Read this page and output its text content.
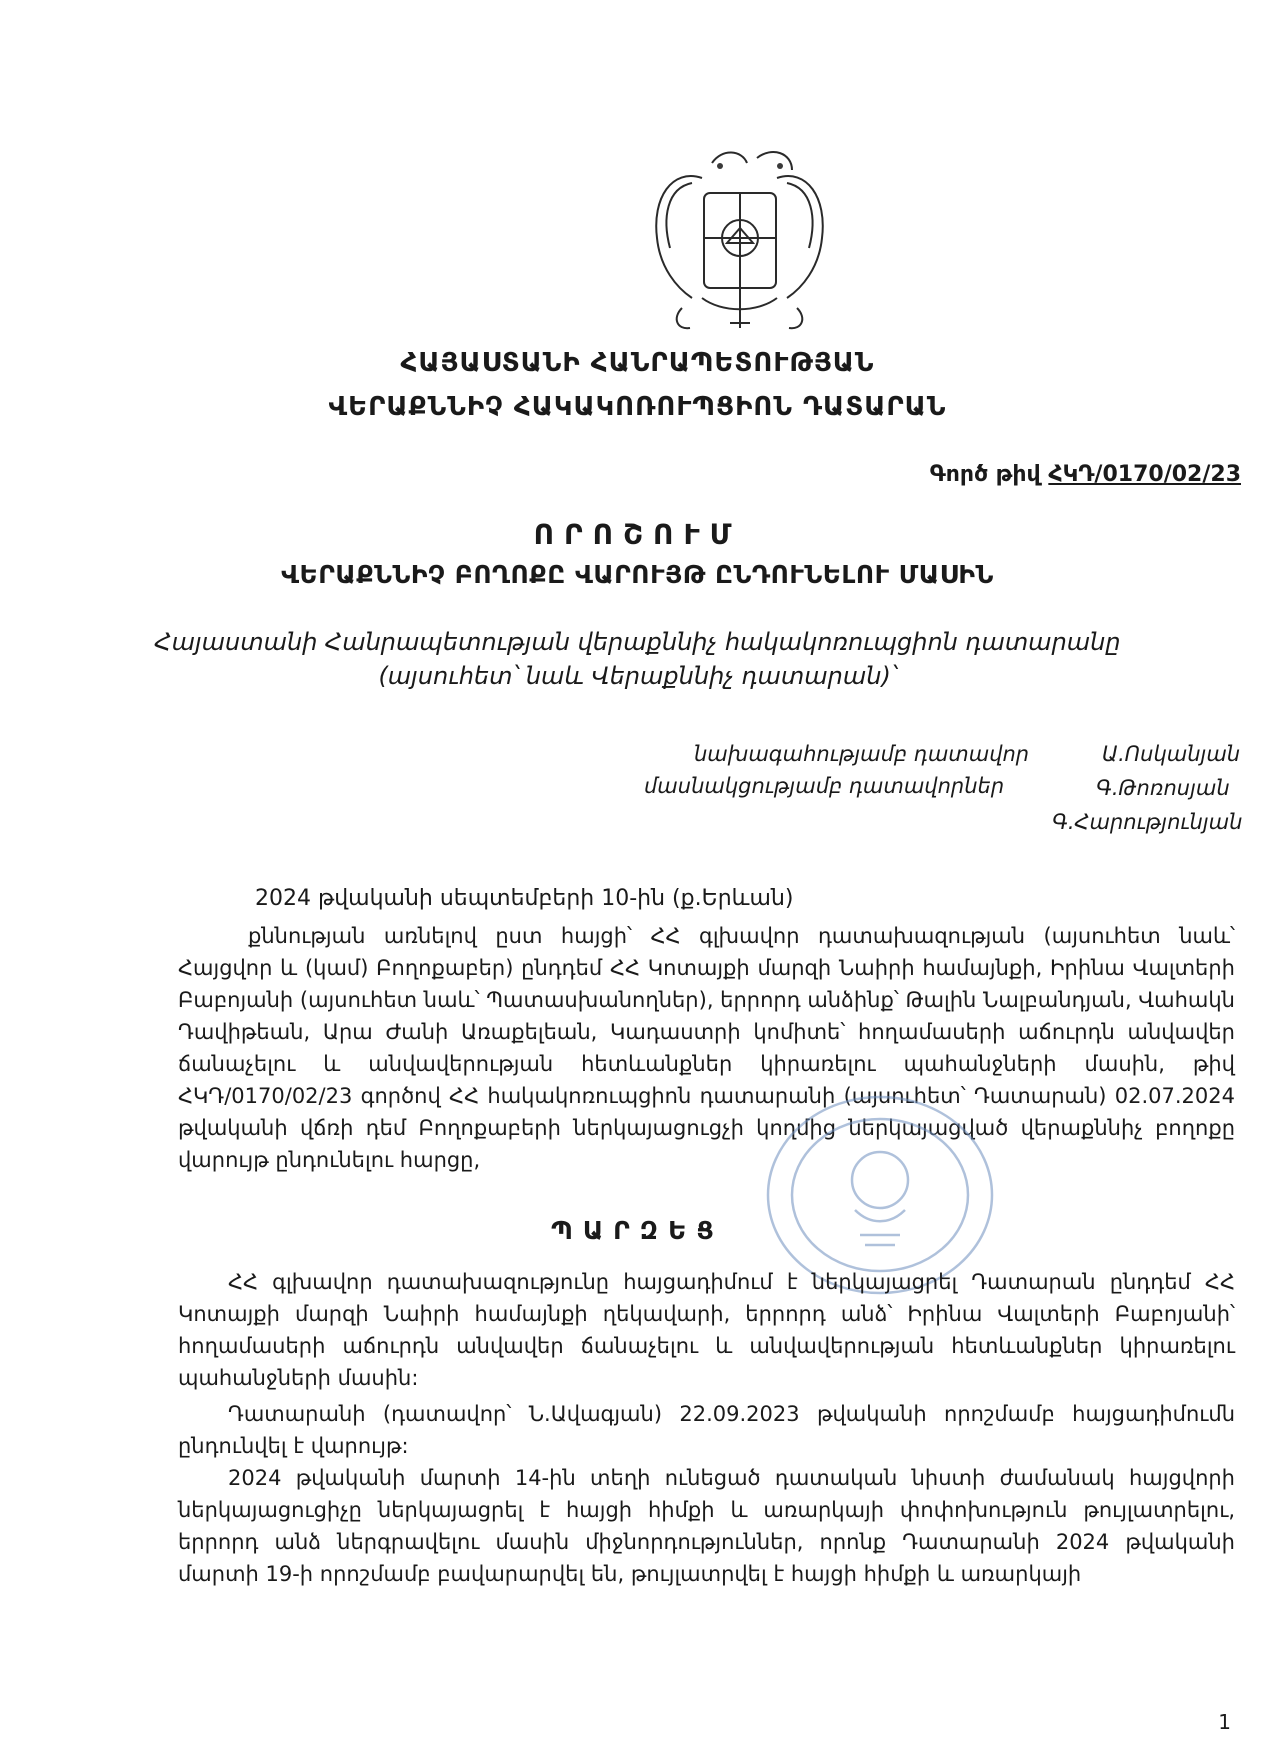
ՀԱՅԱՍՏԱՆԻ ՀԱՆՐԱՊԵՏՈՒԹՅԱՆ
ՎԵՐԱՔՆՆԻՉ ՀԱԿԱԿՈՌՈՒՊՑԻՈՆ ԴԱՏԱՐԱՆ
Գործ թիվ ՀԿԴ/0170/02/23
ՈՐՈՇՈՒՄ
ՎԵՐԱՔՆՆԻՉ ԲՈՂՈՔԸ ՎԱՐՈՒՅԹ ԸՆԴՈՒՆԵԼՈՒ ՄԱՍԻՆ
Հայաստանի Հանրապետության վերաքննիչ հակակոռուպցիոն դատարանը
(այսուհետ՝ նաև Վերաքննիչ դատարան)՝
նախագահությամբ դատավոր
մասնակցությամբ դատավորներ
Ա.Ոսկանյան
Գ.Թոռոսյան
Գ.Հարությունյան
2024 թվականի սեպտեմբերի 10-ին (ք.Երևան)

քննության առնելով ըստ հայցի՝ ՀՀ գլխավոր դատախազության (այսուհետ նաև՝ Հայցվոր և (կամ) Բողոքաբեր) ընդդեմ ՀՀ Կոտայքի մարզի Նաիրի համայնքի, Իրինա Վալտերի Բաբոյանի (այսուհետ նաև՝ Պատասխանողներ), երրորդ անձինք՝ Թալին Նալբանդյան, Վահակն Դավիթեան, Արա Ժանի Առաքելեան, Կադաստրի կոմիտե՝ հողամասերի աճուրդն անվավեր ճանաչելու և անվավերության հետևանքներ կիրառելու պահանջների մասին, թիվ ՀԿԴ/0170/02/23 գործով ՀՀ հակակոռուպցիոն դատարանի (այսուհետ՝ Դատարան) 02.07.2024 թվականի վճռի դեմ Բողոքաբերի ներկայացուցչի կողմից ներկայացված վերաքննիչ բողոքը վարույթ ընդունելու հարցը,

ՊԱՐԶԵՑ

ՀՀ գլխավոր դատախազությունը հայցադիմում է ներկայացրել Դատարան ընդդեմ ՀՀ Կոտայքի մարզի Նաիրի համայնքի ղեկավարի, երրորդ անձ՝ Իրինա Վալտերի Բաբոյանի՝ հողամասերի աճուրդն անվավեր ճանաչելու և անվավերության հետևանքներ կիրառելու պահանջների մասին:

Դատարանի (դատավոր՝ Ն.Ավագյան) 22.09.2023 թվականի որոշմամբ հայցադիմումն ընդունվել է վարույթ:

2024 թվականի մարտի 14-ին տեղի ունեցած դատական նիստի ժամանակ հայցվորի ներկայացուցիչը ներկայացրել է հայցի հիմքի և առարկայի փոփոխություն թույլատրելու, երրորդ անձ ներգրավելու մասին միջնորդություններ, որոնք Դատարանի 2024 թվականի մարտի 19-ի որոշմամբ բավարարվել են, թույլատրվել է հայցի հիմքի և առարկայի

1
